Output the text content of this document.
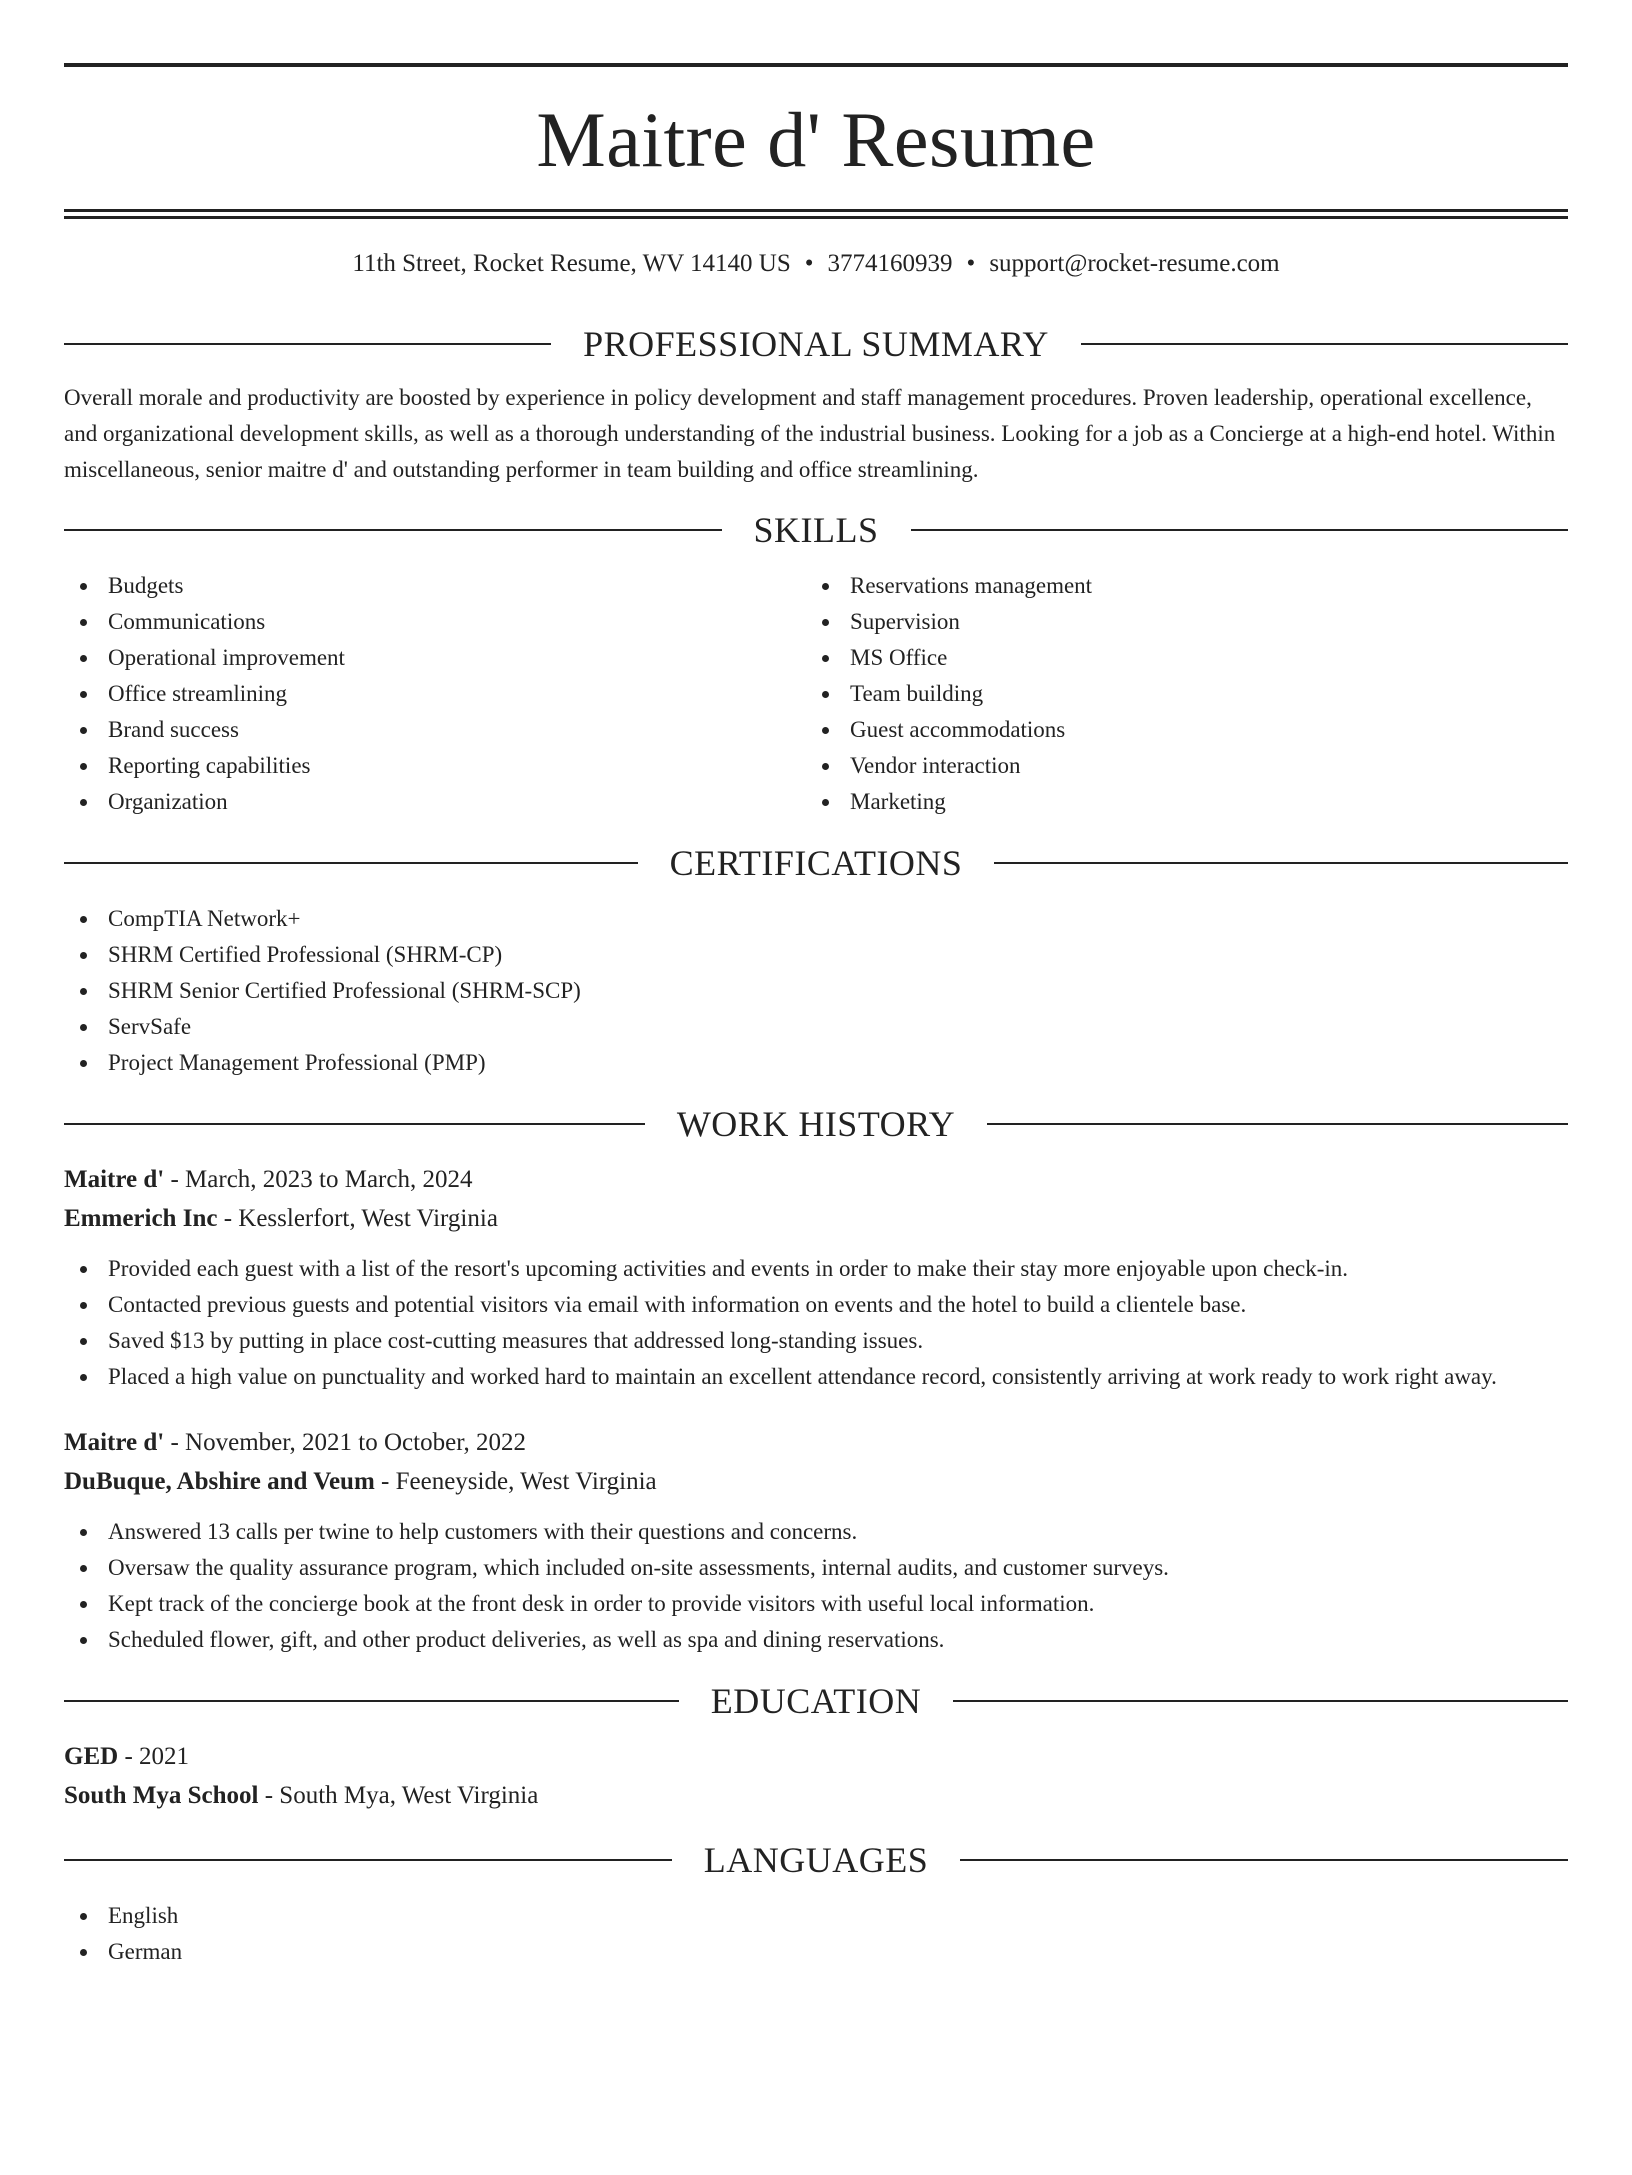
Maitre d' Resume
11th Street, Rocket Resume, WV 14140 US • 3774160939 • support@rocket-resume.com
PROFESSIONAL SUMMARY
Overall morale and productivity are boosted by experience in policy development and staff management procedures. Proven leadership, operational excellence, and organizational development skills, as well as a thorough understanding of the industrial business. Looking for a job as a Concierge at a high-end hotel. Within miscellaneous, senior maitre d' and outstanding performer in team building and office streamlining.
SKILLS
Budgets
Communications
Operational improvement
Office streamlining
Brand success
Reporting capabilities
Organization
Reservations management
Supervision
MS Office
Team building
Guest accommodations
Vendor interaction
Marketing
CERTIFICATIONS
CompTIA Network+
SHRM Certified Professional (SHRM-CP)
SHRM Senior Certified Professional (SHRM-SCP)
ServSafe
Project Management Professional (PMP)
WORK HISTORY
Maitre d' - March, 2023 to March, 2024
Emmerich Inc - Kesslerfort, West Virginia
Provided each guest with a list of the resort's upcoming activities and events in order to make their stay more enjoyable upon check-in.
Contacted previous guests and potential visitors via email with information on events and the hotel to build a clientele base.
Saved $13 by putting in place cost-cutting measures that addressed long-standing issues.
Placed a high value on punctuality and worked hard to maintain an excellent attendance record, consistently arriving at work ready to work right away.
Maitre d' - November, 2021 to October, 2022
DuBuque, Abshire and Veum - Feeneyside, West Virginia
Answered 13 calls per twine to help customers with their questions and concerns.
Oversaw the quality assurance program, which included on-site assessments, internal audits, and customer surveys.
Kept track of the concierge book at the front desk in order to provide visitors with useful local information.
Scheduled flower, gift, and other product deliveries, as well as spa and dining reservations.
EDUCATION
GED - 2021
South Mya School - South Mya, West Virginia
LANGUAGES
English
German
